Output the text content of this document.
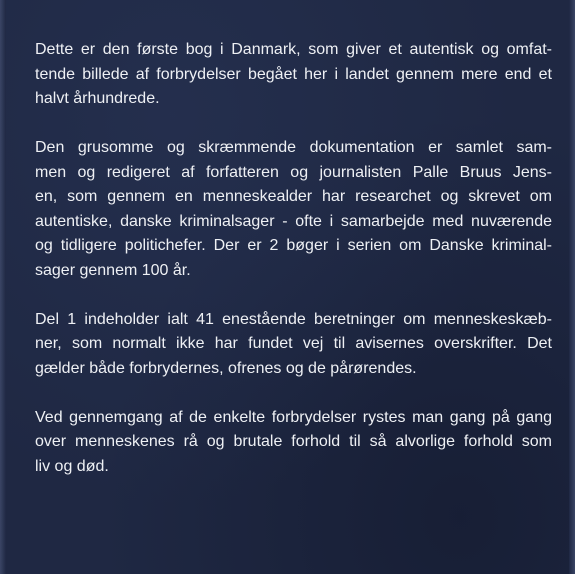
Dette er den første bog i Danmark, som giver et autentisk og omfat-
tende billede af forbrydelser begået her i landet gennem mere end et
halvt århundrede.

Den grusomme og skræmmende dokumentation er samlet sam-
men og redigeret af forfatteren og journalisten Palle Bruus Jens-
en, som gennem en menneskealder har researchet og skrevet om
autentiske, danske kriminalsager - ofte i samarbejde med nuværende
og tidligere politichefer. Der er 2 bøger i serien om Danske kriminal-
sager gennem 100 år.

Del 1 indeholder ialt 41 enestående beretninger om menneskeskæb-
ner, som normalt ikke har fundet vej til avisernes overskrifter. Det
gælder både forbrydernes, ofrenes og de pårørendes.

Ved gennemgang af de enkelte forbrydelser rystes man gang på gang
over menneskenes rå og brutale forhold til så alvorlige forhold som
liv og død.
